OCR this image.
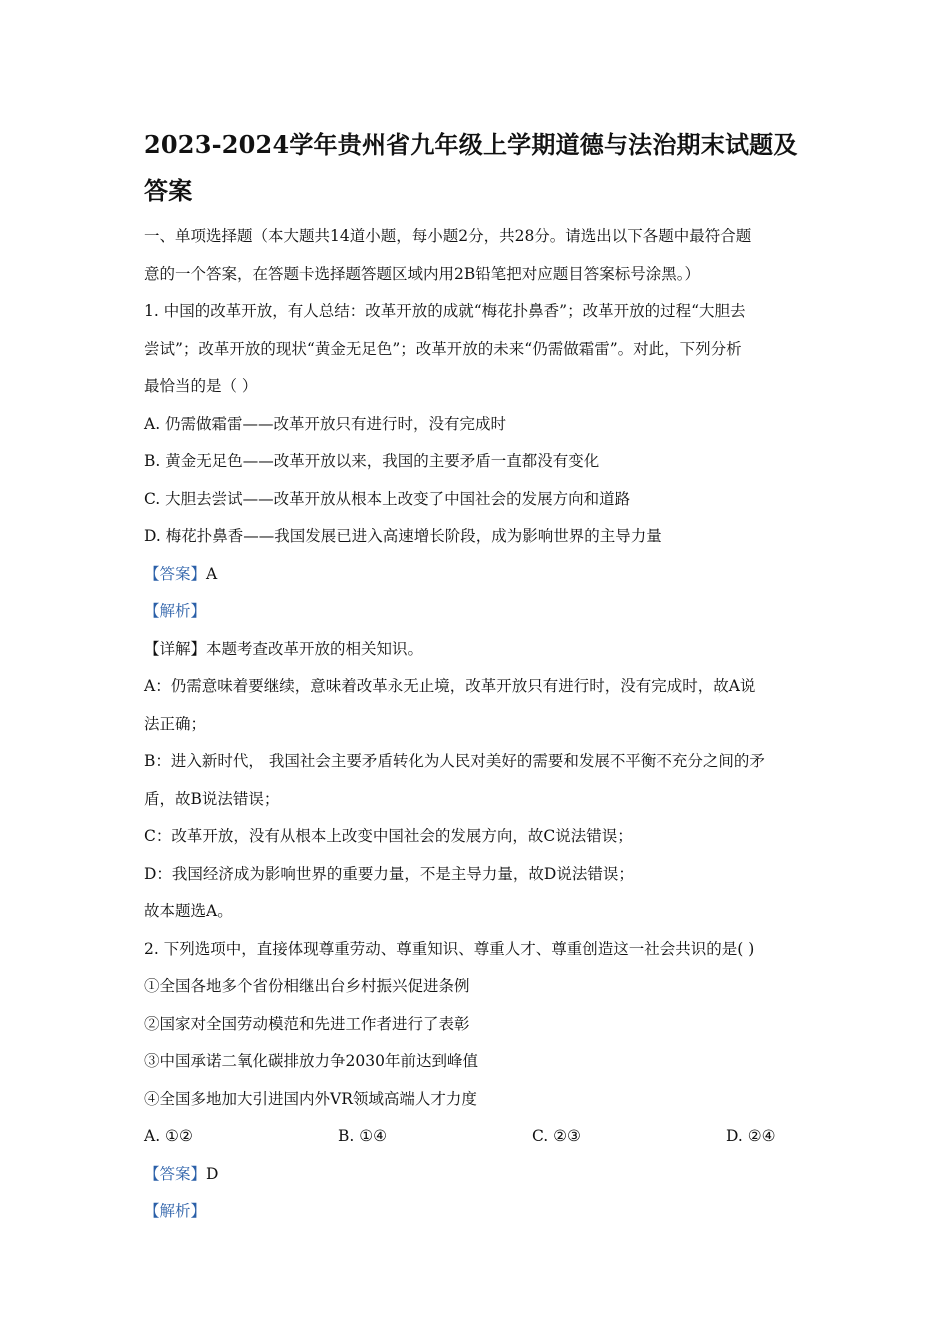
2023-2024学年贵州省九年级上学期道德与法治期末试题及
答案

一、单项选择题（本大题共14道小题，每小题2分，共28分。请选出以下各题中最符合题

意的一个答案，在答题卡选择题答题区域内用2B铅笔把对应题目答案标号涂黑。）

1. 中国的改革开放，有人总结：改革开放的成就“梅花扑鼻香”；改革开放的过程“大胆去

尝试”；改革开放的现状“黄金无足色”；改革开放的未来“仍需做霜雷”。对此，下列分析

最恰当的是（ ）

A. 仍需做霜雷——改革开放只有进行时，没有完成时

B. 黄金无足色——改革开放以来，我国的主要矛盾一直都没有变化

C. 大胆去尝试——改革开放从根本上改变了中国社会的发展方向和道路

D. 梅花扑鼻香——我国发展已进入高速增长阶段，成为影响世界的主导力量

【答案】A

【解析】

【详解】本题考查改革开放的相关知识。

A：仍需意味着要继续，意味着改革永无止境，改革开放只有进行时，没有完成时，故A说

法正确；

B：进入新时代， 我国社会主要矛盾转化为人民对美好的需要和发展不平衡不充分之间的矛

盾，故B说法错误；

C：改革开放，没有从根本上改变中国社会的发展方向，故C说法错误；

D：我国经济成为影响世界的重要力量，不是主导力量，故D说法错误；

故本题选A。

2. 下列选项中，直接体现尊重劳动、尊重知识、尊重人才、尊重创造这一社会共识的是( )

①全国各地多个省份相继出台乡村振兴促进条例

②国家对全国劳动模范和先进工作者进行了表彰

③中国承诺二氧化碳排放力争2030年前达到峰值

④全国多地加大引进国内外VR领域高端人才力度

A. ①②	B. ①④	C. ②③	D. ②④

【答案】D

【解析】
